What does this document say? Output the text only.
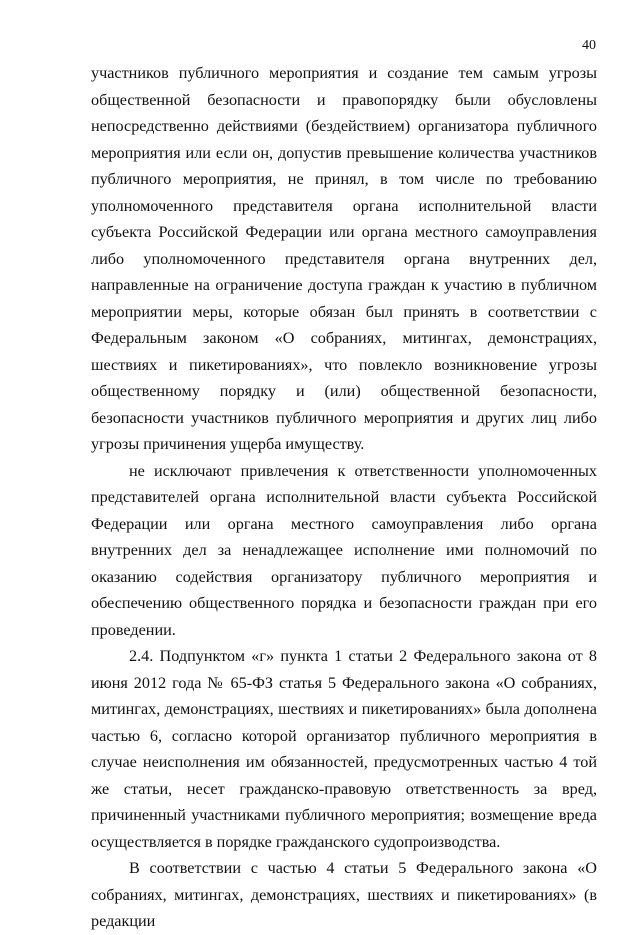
40

участников публичного мероприятия и создание тем самым угрозы общественной безопасности и правопорядку были обусловлены непосредственно действиями (бездействием) организатора публичного мероприятия или если он, допустив превышение количества участников публичного мероприятия, не принял, в том числе по требованию уполномоченного представителя органа исполнительной власти субъекта Российской Федерации или органа местного самоуправления либо уполномоченного представителя органа внутренних дел, направленные на ограничение доступа граждан к участию в публичном мероприятии меры, которые обязан был принять в соответствии с Федеральным законом «О собраниях, митингах, демонстрациях, шествиях и пикетированиях», что повлекло возникновение угрозы общественному порядку и (или) общественной безопасности, безопасности участников публичного мероприятия и других лиц либо угрозы причинения ущерба имуществу.

не исключают привлечения к ответственности уполномоченных представителей органа исполнительной власти субъекта Российской Федерации или органа местного самоуправления либо органа внутренних дел за ненадлежащее исполнение ими полномочий по оказанию содействия организатору публичного мероприятия и обеспечению общественного порядка и безопасности граждан при его проведении.

2.4. Подпунктом «г» пункта 1 статьи 2 Федерального закона от 8 июня 2012 года № 65-ФЗ статья 5 Федерального закона «О собраниях, митингах, демонстрациях, шествиях и пикетированиях» была дополнена частью 6, согласно которой организатор публичного мероприятия в случае неисполнения им обязанностей, предусмотренных частью 4 той же статьи, несет гражданско-правовую ответственность за вред, причиненный участниками публичного мероприятия; возмещение вреда осуществляется в порядке гражданского судопроизводства.

В соответствии с частью 4 статьи 5 Федерального закона «О собраниях, митингах, демонстрациях, шествиях и пикетированиях» (в редакции
